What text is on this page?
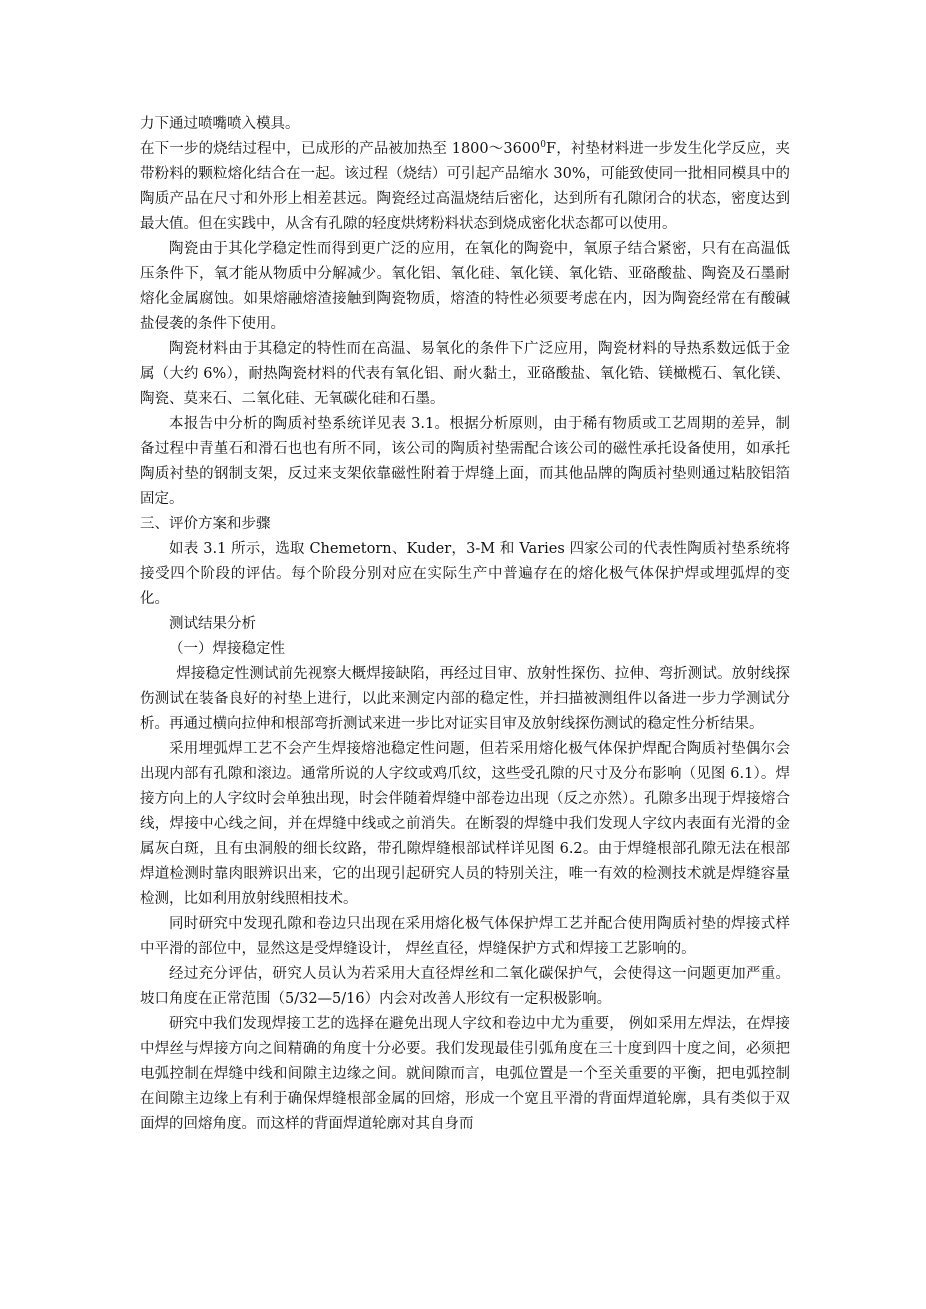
力下通过喷嘴喷入模具。

在下一步的烧结过程中，已成形的产品被加热至 1800～3600$^0$F，衬垫材料进一步发生化学反应，夹带粉料的颗粒熔化结合在一起。该过程（烧结）可引起产品缩水 30%，可能致使同一批相同模具中的陶质产品在尺寸和外形上相差甚远。陶瓷经过高温烧结后密化，达到所有孔隙闭合的状态，密度达到最大值。但在实践中，从含有孔隙的轻度烘烤粉料状态到烧成密化状态都可以使用。

陶瓷由于其化学稳定性而得到更广泛的应用，在氧化的陶瓷中，氧原子结合紧密，只有在高温低压条件下，氧才能从物质中分解减少。氧化铝、氧化硅、氧化镁、氧化锆、亚硌酸盐、陶瓷及石墨耐熔化金属腐蚀。如果熔融熔渣接触到陶瓷物质，熔渣的特性必须要考虑在内，因为陶瓷经常在有酸碱盐侵袭的条件下使用。

陶瓷材料由于其稳定的特性而在高温、易氧化的条件下广泛应用，陶瓷材料的导热系数远低于金属（大约 6%），耐热陶瓷材料的代表有氧化铝、耐火黏土，亚硌酸盐、氧化锆、镁橄榄石、氧化镁、陶瓷、莫来石、二氧化硅、无氧碳化硅和石墨。

本报告中分析的陶质衬垫系统详见表 3.1。根据分析原则，由于稀有物质或工艺周期的差异，制备过程中青堇石和滑石也也有所不同，该公司的陶质衬垫需配合该公司的磁性承托设备使用，如承托陶质衬垫的钢制支架，反过来支架依靠磁性附着于焊缝上面，而其他品牌的陶质衬垫则通过粘胶铝箔固定。

三、评价方案和步骤

如表 3.1 所示，选取 Chemetorn、Kuder，3-M 和 Varies 四家公司的代表性陶质衬垫系统将接受四个阶段的评估。每个阶段分别对应在实际生产中普遍存在的熔化极气体保护焊或埋弧焊的变化。

测试结果分析

（一）焊接稳定性

焊接稳定性测试前先视察大概焊接缺陷，再经过目审、放射性探伤、拉伸、弯折测试。放射线探伤测试在装备良好的衬垫上进行，以此来测定内部的稳定性，并扫描被测组件以备进一步力学测试分析。再通过横向拉伸和根部弯折测试来进一步比对证实目审及放射线探伤测试的稳定性分析结果。

采用埋弧焊工艺不会产生焊接熔池稳定性问题，但若采用熔化极气体保护焊配合陶质衬垫偶尔会出现内部有孔隙和滚边。通常所说的人字纹或鸡爪纹，这些受孔隙的尺寸及分布影响（见图 6.1）。焊接方向上的人字纹时会单独出现，时会伴随着焊缝中部卷边出现（反之亦然）。孔隙多出现于焊接熔合线，焊接中心线之间，并在焊缝中线或之前消失。在断裂的焊缝中我们发现人字纹内表面有光滑的金属灰白斑，且有虫洞般的细长纹路，带孔隙焊缝根部试样详见图 6.2。由于焊缝根部孔隙无法在根部焊道检测时靠肉眼辨识出来，它的出现引起研究人员的特别关注，唯一有效的检测技术就是焊缝容量检测，比如利用放射线照相技术。

同时研究中发现孔隙和卷边只出现在采用熔化极气体保护焊工艺并配合使用陶质衬垫的焊接式样中平滑的部位中，显然这是受焊缝设计， 焊丝直径，焊缝保护方式和焊接工艺影响的。

经过充分评估，研究人员认为若采用大直径焊丝和二氧化碳保护气，会使得这一问题更加严重。坡口角度在正常范围（5/32—5/16）内会对改善人形纹有一定积极影响。

研究中我们发现焊接工艺的选择在避免出现人字纹和卷边中尤为重要， 例如采用左焊法，在焊接中焊丝与焊接方向之间精确的角度十分必要。我们发现最佳引弧角度在三十度到四十度之间，必须把电弧控制在焊缝中线和间隙主边缘之间。就间隙而言，电弧位置是一个至关重要的平衡，把电弧控制在间隙主边缘上有利于确保焊缝根部金属的回熔，形成一个宽且平滑的背面焊道轮廓，具有类似于双面焊的回熔角度。而这样的背面焊道轮廓对其自身而
